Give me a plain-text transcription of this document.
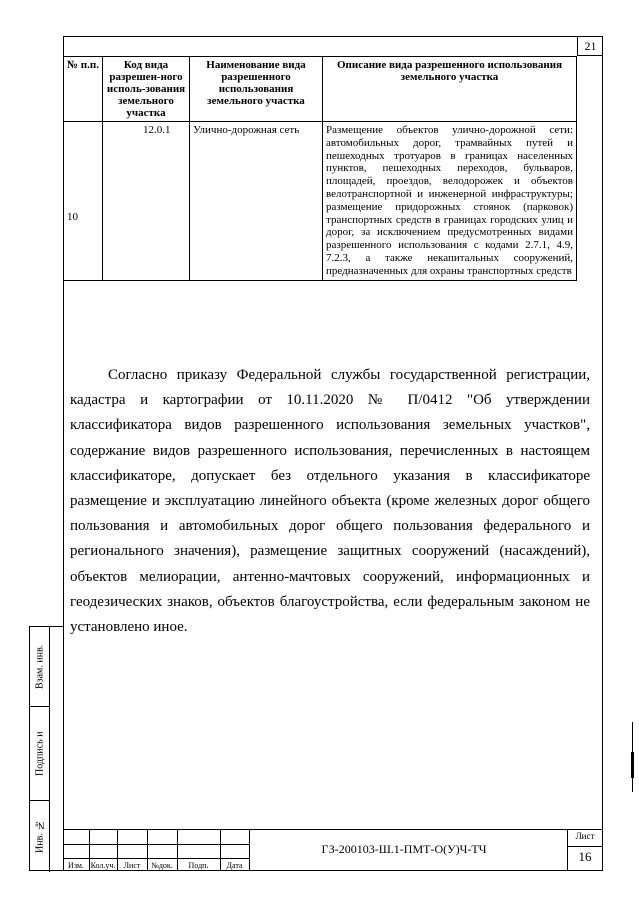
21
№ п.п.	Код вида разрешен-ного исполь-зования земельного участка	Наименование вида разрешенного использования земельного участка	Описание вида разрешенного использования земельного участка
10	12.0.1	Улично-дорожная сеть	Размещение объектов улично-дорожной сети: автомобильных дорог, трамвайных путей и пешеходных тротуаров в границах населенных пунктов, пешеходных переходов, бульваров, площадей, проездов, велодорожек и объектов велотранспортной и инженерной инфраструктуры; размещение придорожных стоянок (парковок) транспортных средств в границах городских улиц и дорог, за исключением предусмотренных видами разрешенного использования с кодами 2.7.1, 4.9, 7.2.3, а также некапитальных сооружений, предназначенных для охраны транспортных средств

Согласно приказу Федеральной службы государственной регистрации, кадастра и картографии от 10.11.2020 № П/0412 "Об утверждении классификатора видов разрешенного использования земельных участков", содержание видов разрешенного использования, перечисленных в настоящем классификаторе, допускает без отдельного указания в классификаторе размещение и эксплуатацию линейного объекта (кроме железных дорог общего пользования и автомобильных дорог общего пользования федерального и регионального значения), размещение защитных сооружений (насаждений), объектов мелиорации, антенно-мачтовых сооружений, информационных и геодезических знаков, объектов благоустройства, если федеральным законом не установлено иное.

Взам. инв.
Подпись и
Инв. №
Изм. Кол.уч.	Лист	№док.	Подп.	Дата
ГЗ-200103-Ш.1-ПМТ-О(У)Ч-ТЧ
Лист
16
